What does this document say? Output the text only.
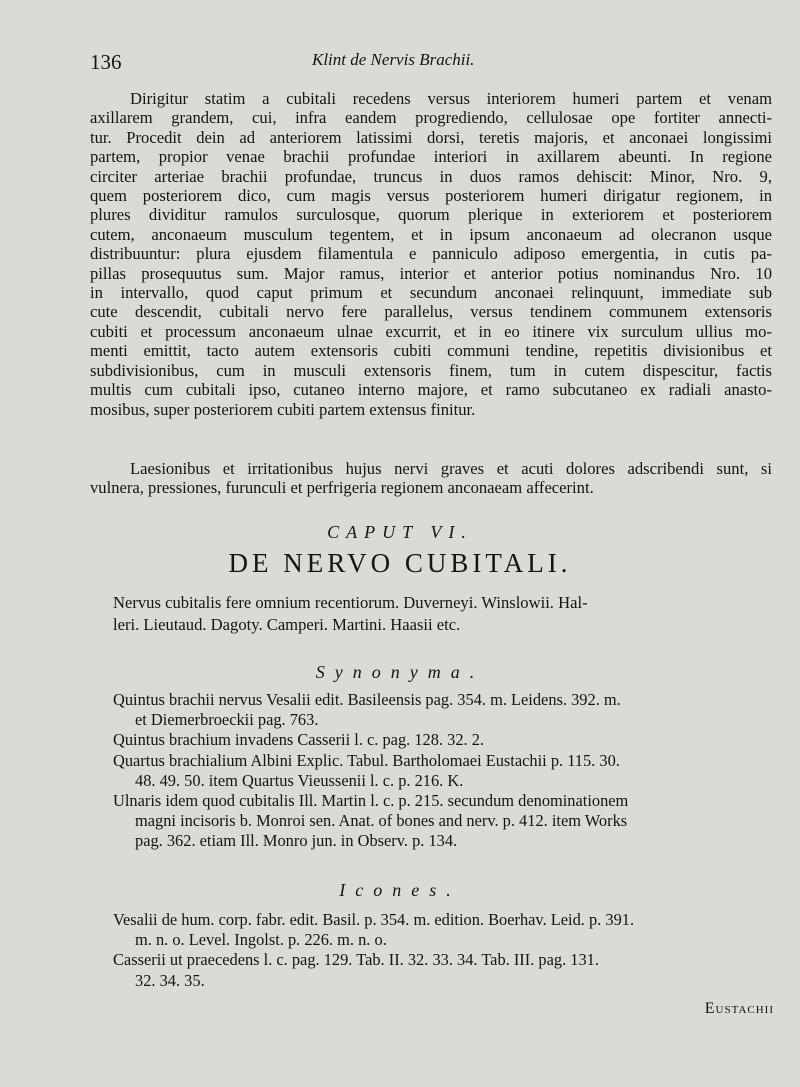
136	Klint de Nervis Brachii.
Dirigitur statim a cubitali recedens versus interiorem humeri partem et venam
axillarem grandem, cui, infra eandem progrediendo, cellulosae ope fortiter annecti-
tur. Procedit dein ad anteriorem latissimi dorsi, teretis majoris, et anconaei longissimi
partem, propior venae brachii profundae interiori in axillarem abeunti. In regione
circiter arteriae brachii profundae, truncus in duos ramos dehiscit: Minor, Nro. 9,
quem posteriorem dico, cum magis versus posteriorem humeri dirigatur regionem, in
plures dividitur ramulos surculosque, quorum plerique in exteriorem et posteriorem
cutem, anconaeum musculum tegentem, et in ipsum anconaeum ad olecranon usque
distribuuntur: plura ejusdem filamentula e panniculo adiposo emergentia, in cutis pa-
pillas prosequutus sum. Major ramus, interior et anterior potius nominandus Nro. 10
in intervallo, quod caput primum et secundum anconaei relinquunt, immediate sub
cute descendit, cubitali nervo fere parallelus, versus tendinem communem extensoris
cubiti et processum anconaeum ulnae excurrit, et in eo itinere vix surculum ullius mo-
menti emittit, tacto autem extensoris cubiti communi tendine, repetitis divisionibus et
subdivisionibus, cum in musculi extensoris finem, tum in cutem dispescitur, factis
multis cum cubitali ipso, cutaneo interno majore, et ramo subcutaneo ex radiali anasto-
mosibus, super posteriorem cubiti partem extensus finitur.
Laesionibus et irritationibus hujus nervi graves et acuti dolores adscribendi sunt, si
vulnera, pressiones, furunculi et perfrigeria regionem anconaeam affecerint.
CAPUT VI.
DE NERVO CUBITALI.
Nervus cubitalis fere omnium recentiorum. Duverneyi. Winslowii. Hal-
leri. Lieutaud. Dagoty. Camperi. Martini. Haasii etc.
Synonyma.
Quintus brachii nervus Vesalii edit. Basileensis pag. 354. m. Leidens. 392. m.
et Diemerbroeckii pag. 763.
Quintus brachium invadens Casserii l. c. pag. 128. 32. 2.
Quartus brachialium Albini Explic. Tabul. Bartholomaei Eustachii p. 115. 30.
48. 49. 50. item Quartus Vieussenii l. c. p. 216. K.
Ulnaris idem quod cubitalis Ill. Martin l. c. p. 215. secundum denominationem
magni incisoris b. Monroi sen. Anat. of bones and nerv. p. 412. item Works
pag. 362. etiam Ill. Monro jun. in Observ. p. 134.
Icones.
Vesalii de hum. corp. fabr. edit. Basil. p. 354. m. edition. Boerhav. Leid. p. 391.
m. n. o. Level. Ingolst. p. 226. m. n. o.
Casserii ut praecedens l. c. pag. 129. Tab. II. 32. 33. 34. Tab. III. pag. 131.
32. 34. 35.
Eustachii
